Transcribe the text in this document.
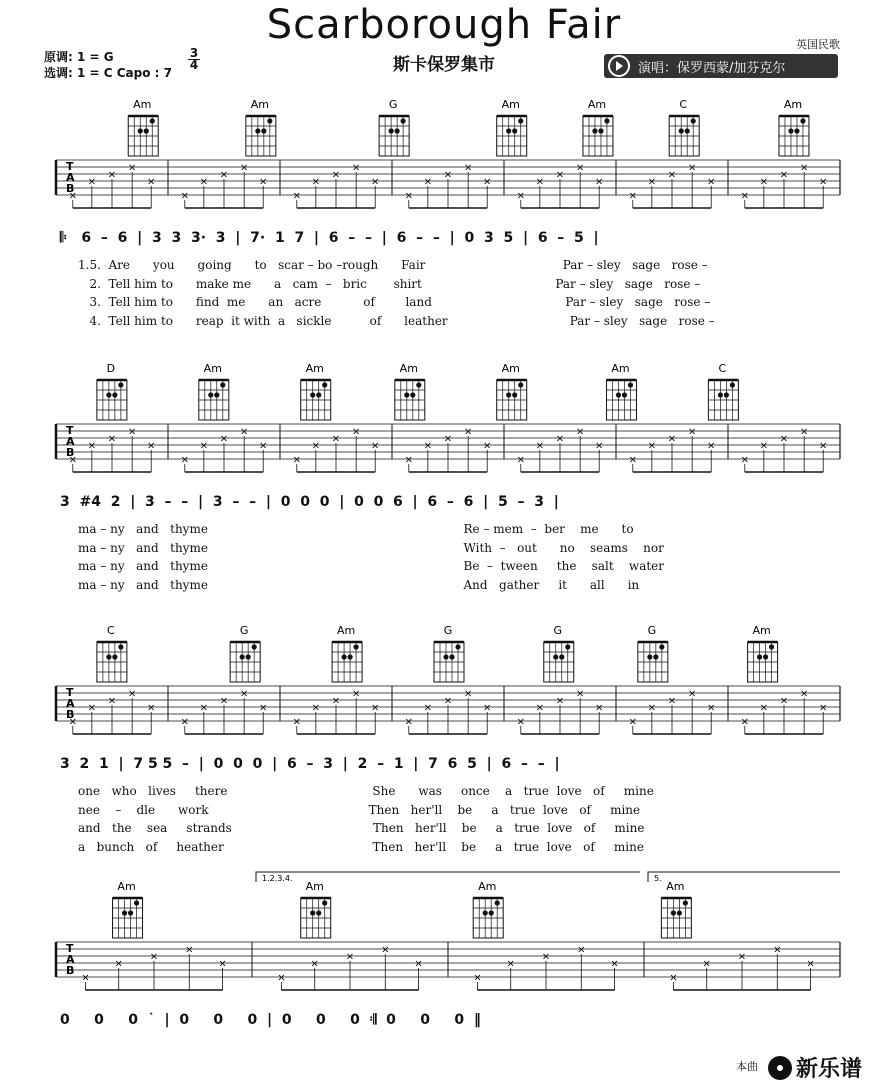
Scarborough Fair
斯卡保罗集市
英国民歌
原调: 1 = G
选调: 1 = C Capo : 7
$\frac{3}{4}$	演唱：保罗西蒙/加芬克尔
Am	Am	G	Am	Am	C	Am
×
×
×
×
×
×
×
×
×
×
×
×
×
×
×
×
×
×
×
×
×
×
×
×
×
×
×
×
×
×
×
×
×
×
×
T
A
B
D	Am	Am	Am	Am	Am	C
×
×
×
×
×
×
×
×
×
×
×
×
×
×
×
×
×
×
×
×
×
×
×
×
×
×
×
×
×
×
×
×
×
×
×
T
A
B
C	G	Am	G	G	G	Am
×
×
×
×
×
×
×
×
×
×
×
×
×
×
×
×
×
×
×
×
×
×
×
×
×
×
×
×
×
×
×
×
×
×
×
T
A
B
Am	Am	Am	Am
×
×
×
×
×
×
×
×
×
×
×
×
×
×
×
×
×
×
×
×
T
A
B
1.2.3.4.	5.
𝄆   6  –  6  |  3  3  3·  3  |  7·  1  7  |  6  –  –  |  6  –  –  |  0  3  5  |  6  –  5  |
1.5.  Are      you      going      to   scar – bo –rough      Fair                                    Par – sley   sage   rose –
2.  Tell him to      make me      a   cam  –   bric       shirt                                   Par – sley   sage   rose –
3.  Tell him to      find  me      an   acre           of        land                                   Par – sley   sage   rose –
4.  Tell him to      reap  it with  a   sickle          of      leather                                Par – sley   sage   rose –
3  #4  2  |  3  –  –  |  3  –  –  |  0  0  0  |  0  0  6  |  6  –  6  |  5  –  3  |
ma – ny   and   thyme                                                                   Re – mem  –  ber    me      to
ma – ny   and   thyme                                                                   With  –   out      no    seams    nor
ma – ny   and   thyme                                                                   Be  –  tween     the    salt    water
ma – ny   and   thyme                                                                   And   gather     it      all      in
3  2  1  |  7 5 5  –  |  0  0  0  |  6  –  3  |  2  –  1  |  7  6  5  |  6  –  –  |
one   who   lives     there                                      She      was     once    a   true  love   of     mine
nee    –    dle      work                                          Then   her'll    be     a   true  love   of     mine
and   the    sea     strands                                     Then   her'll    be     a   true  love   of     mine
a   bunch   of     heather                                       Then   her'll    be     a   true  love   of     mine
0     0     0  ˙  |  0     0     0  |  0     0     0  𝄇  0     0     0  ‖
本曲 新乐谱
